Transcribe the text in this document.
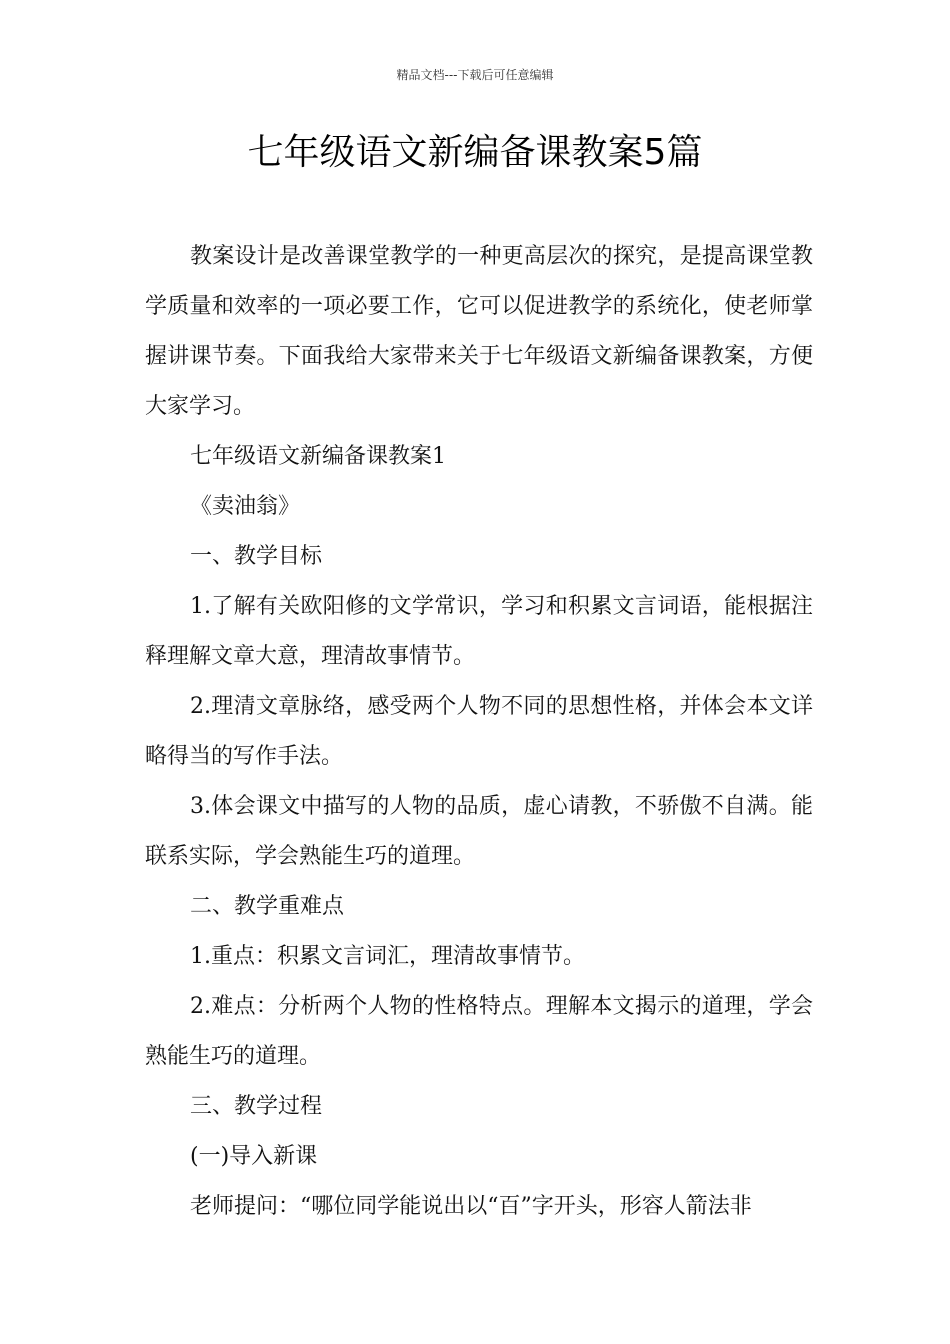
精品文档---下载后可任意编辑
七年级语文新编备课教案5篇

教案设计是改善课堂教学的一种更高层次的探究，是提高课堂教学质量和效率的一项必要工作，它可以促进教学的系统化，使老师掌握讲课节奏。下面我给大家带来关于七年级语文新编备课教案，方便大家学习。

七年级语文新编备课教案1

《卖油翁》

一、教学目标

1.了解有关欧阳修的文学常识，学习和积累文言词语，能根据注释理解文章大意，理清故事情节。

2.理清文章脉络，感受两个人物不同的思想性格，并体会本文详略得当的写作手法。

3.体会课文中描写的人物的品质，虚心请教，不骄傲不自满。能联系实际，学会熟能生巧的道理。

二、教学重难点

1.重点：积累文言词汇，理清故事情节。

2.难点：分析两个人物的性格特点。理解本文揭示的道理，学会熟能生巧的道理。

三、教学过程

(一)导入新课

老师提问：“哪位同学能说出以“百”字开头，形容人箭法非
